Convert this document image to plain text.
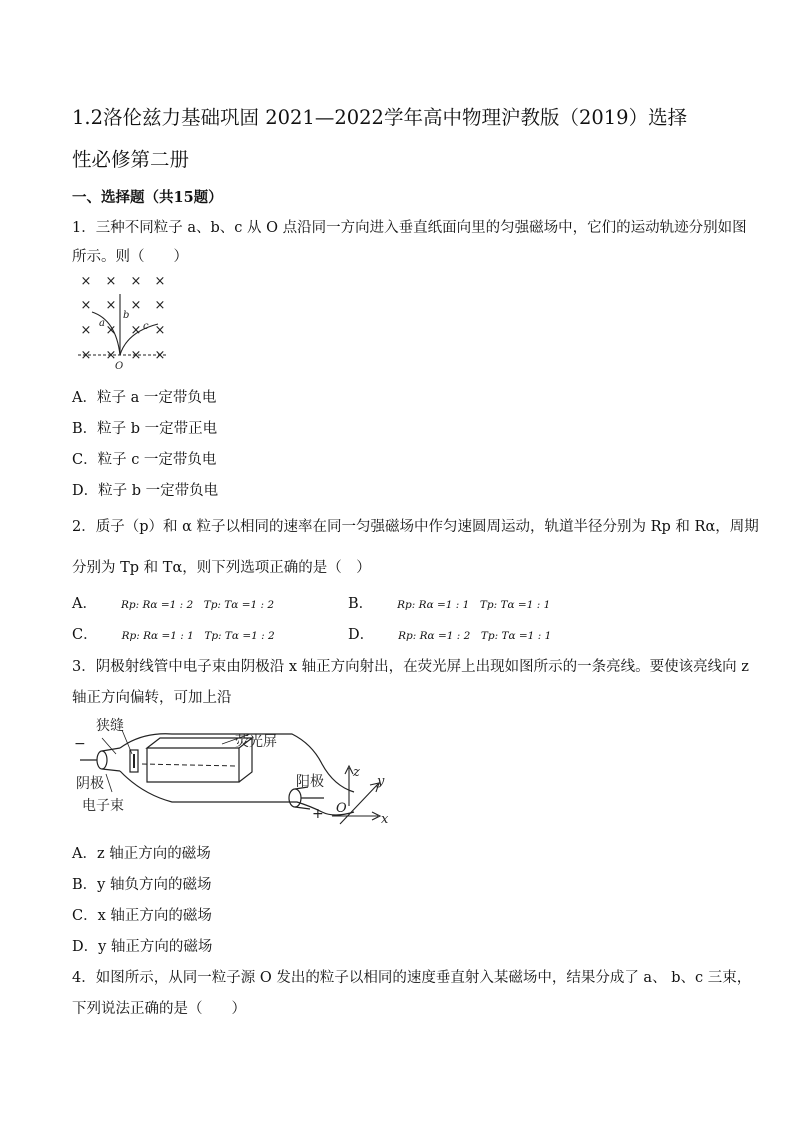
1.2洛伦兹力基础巩固 2021—2022学年高中物理沪教版（2019）选择
性必修第二册
一、选择题（共15题）
1．三种不同粒子 a、b、c 从 O 点沿同一方向进入垂直纸面向里的匀强磁场中，它们的运动轨迹分别如图
所示。则（　　）
× × × ×
× × × ×
× × × ×
× × × ×
a
b
c
O
A．粒子 a 一定带负电
B．粒子 b 一定带正电
C．粒子 c 一定带负电
D．粒子 b 一定带负电
2．质子（p）和 α 粒子以相同的速率在同一匀强磁场中作匀速圆周运动，轨道半径分别为 Rp 和 Rα，周期
分别为 Tp 和 Tα，则下列选项正确的是（　）
A． Rp: Rα =1 : 2　Tp: Tα =1 : 2	B． Rp: Rα =1 : 1　Tp: Tα =1 : 1
C． Rp: Rα =1 : 1　Tp: Tα =1 : 2	D． Rp: Rα =1 : 2　Tp: Tα =1 : 1
3．阴极射线管中电子束由阴极沿 x 轴正方向射出，在荧光屏上出现如图所示的一条亮线。要使该亮线向 z
轴正方向偏转，可加上沿
−
+
狭缝
荧光屏
阴极
电子束
阳极
z
y
x
O
A．z 轴正方向的磁场
B．y 轴负方向的磁场
C．x 轴正方向的磁场
D．y 轴正方向的磁场
4．如图所示，从同一粒子源 O 发出的粒子以相同的速度垂直射入某磁场中，结果分成了 a、 b、c 三束，
下列说法正确的是（　　）
